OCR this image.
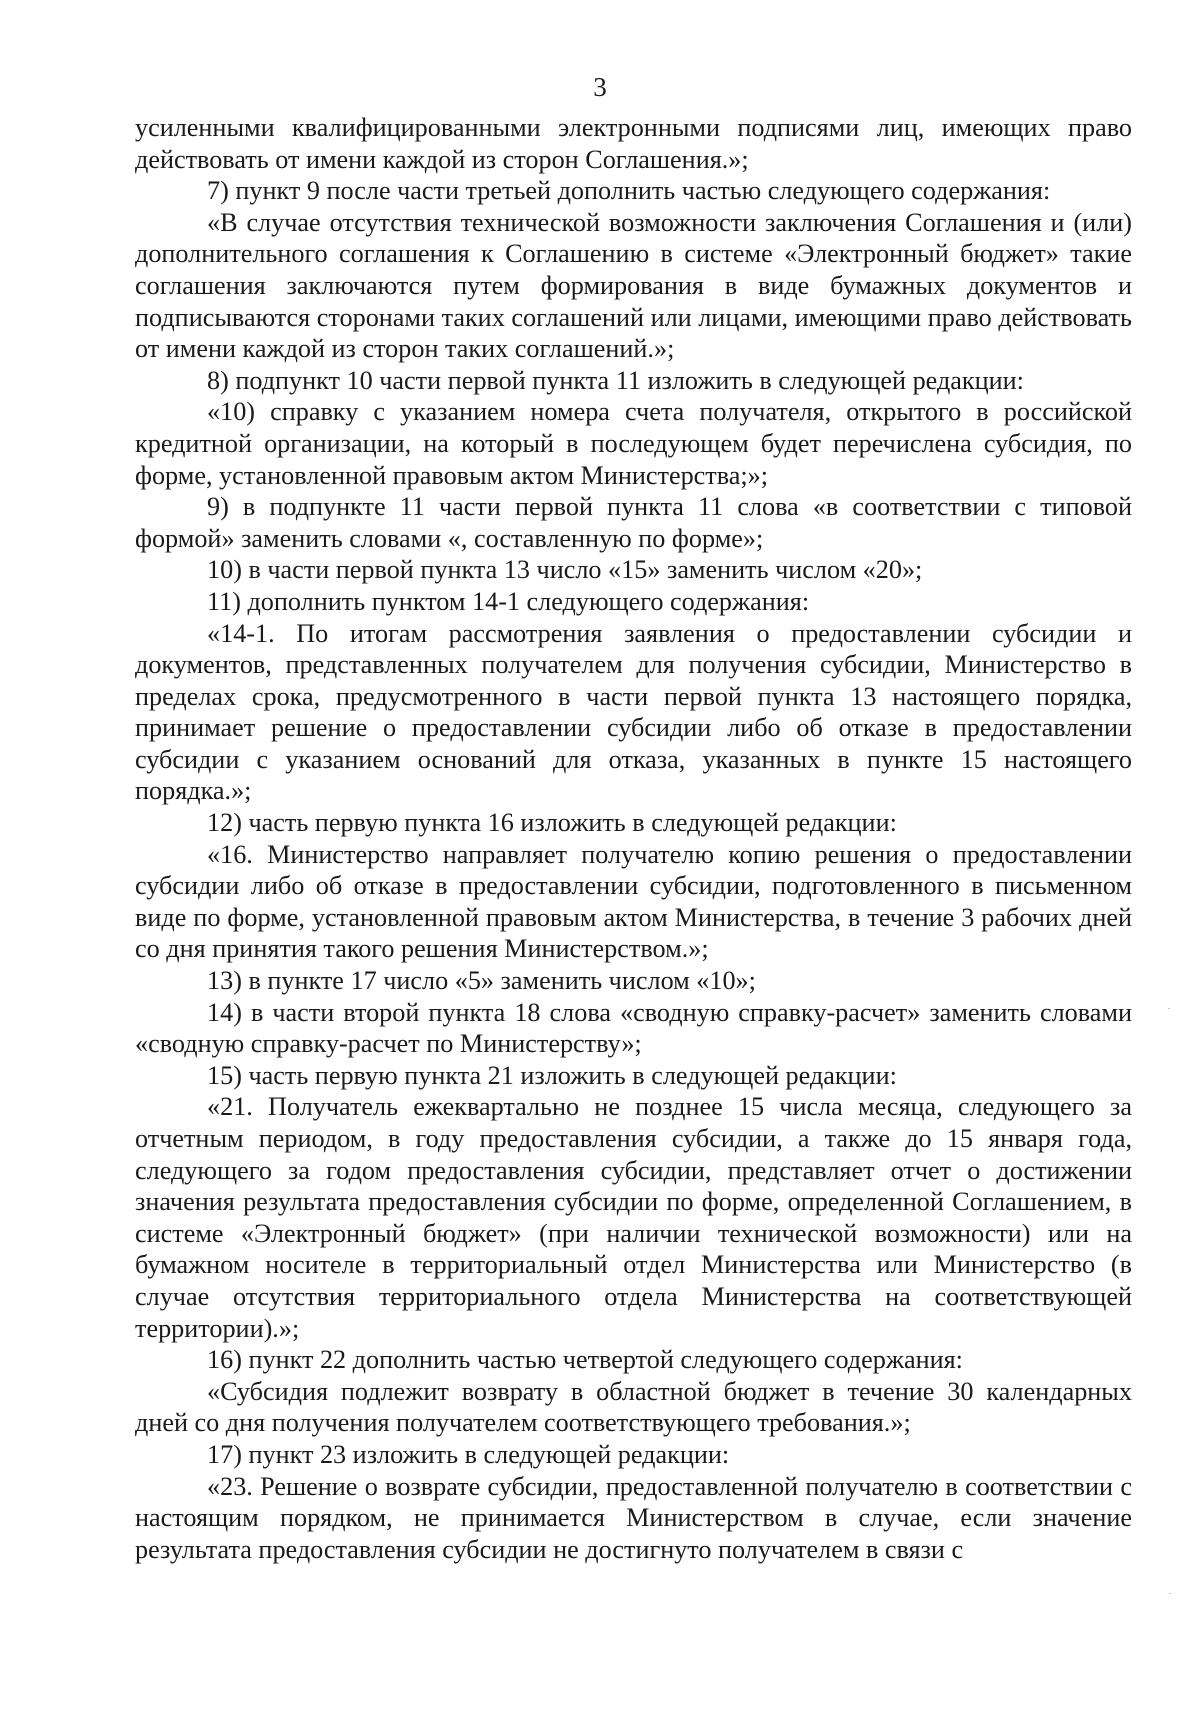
3

усиленными квалифицированными электронными подписями лиц, имеющих право действовать от имени каждой из сторон Соглашения.»;

7) пункт 9 после части третьей дополнить частью следующего содержания:

«В случае отсутствия технической возможности заключения Соглашения и (или) дополнительного соглашения к Соглашению в системе «Электронный бюджет» такие соглашения заключаются путем формирования в виде бумажных документов и подписываются сторонами таких соглашений или лицами, имеющими право действовать от имени каждой из сторон таких соглашений.»;

8) подпункт 10 части первой пункта 11 изложить в следующей редакции:

«10) справку с указанием номера счета получателя, открытого в российской кредитной организации, на который в последующем будет перечислена субсидия, по форме, установленной правовым актом Министерства;»;

9) в подпункте 11 части первой пункта 11 слова «в соответствии с типовой формой» заменить словами «, составленную по форме»;

10) в части первой пункта 13 число «15» заменить числом «20»;

11) дополнить пунктом 14-1 следующего содержания:

«14-1. По итогам рассмотрения заявления о предоставлении субсидии и документов, представленных получателем для получения субсидии, Министерство в пределах срока, предусмотренного в части первой пункта 13 настоящего порядка, принимает решение о предоставлении субсидии либо об отказе в предоставлении субсидии с указанием оснований для отказа, указанных в пункте 15 настоящего порядка.»;

12) часть первую пункта 16 изложить в следующей редакции:

«16. Министерство направляет получателю копию решения о предоставлении субсидии либо об отказе в предоставлении субсидии, подготовленного в письменном виде по форме, установленной правовым актом Министерства, в течение 3 рабочих дней со дня принятия такого решения Министерством.»;

13) в пункте 17 число «5» заменить числом «10»;

14) в части второй пункта 18 слова «сводную справку-расчет» заменить словами «сводную справку-расчет по Министерству»;

15) часть первую пункта 21 изложить в следующей редакции:

«21. Получатель ежеквартально не позднее 15 числа месяца, следующего за отчетным периодом, в году предоставления субсидии, а также до 15 января года, следующего за годом предоставления субсидии, представляет отчет о достижении значения результата предоставления субсидии по форме, определенной Соглашением, в системе «Электронный бюджет» (при наличии технической возможности) или на бумажном носителе в территориальный отдел Министерства или Министерство (в случае отсутствия территориального отдела Министерства на соответствующей территории).»;

16) пункт 22 дополнить частью четвертой следующего содержания:

«Субсидия подлежит возврату в областной бюджет в течение 30 календарных дней со дня получения получателем соответствующего требования.»;

17) пункт 23 изложить в следующей редакции:

«23. Решение о возврате субсидии, предоставленной получателю в соответствии с настоящим порядком, не принимается Министерством в случае, если значение результата предоставления субсидии не достигнуто получателем в связи с
